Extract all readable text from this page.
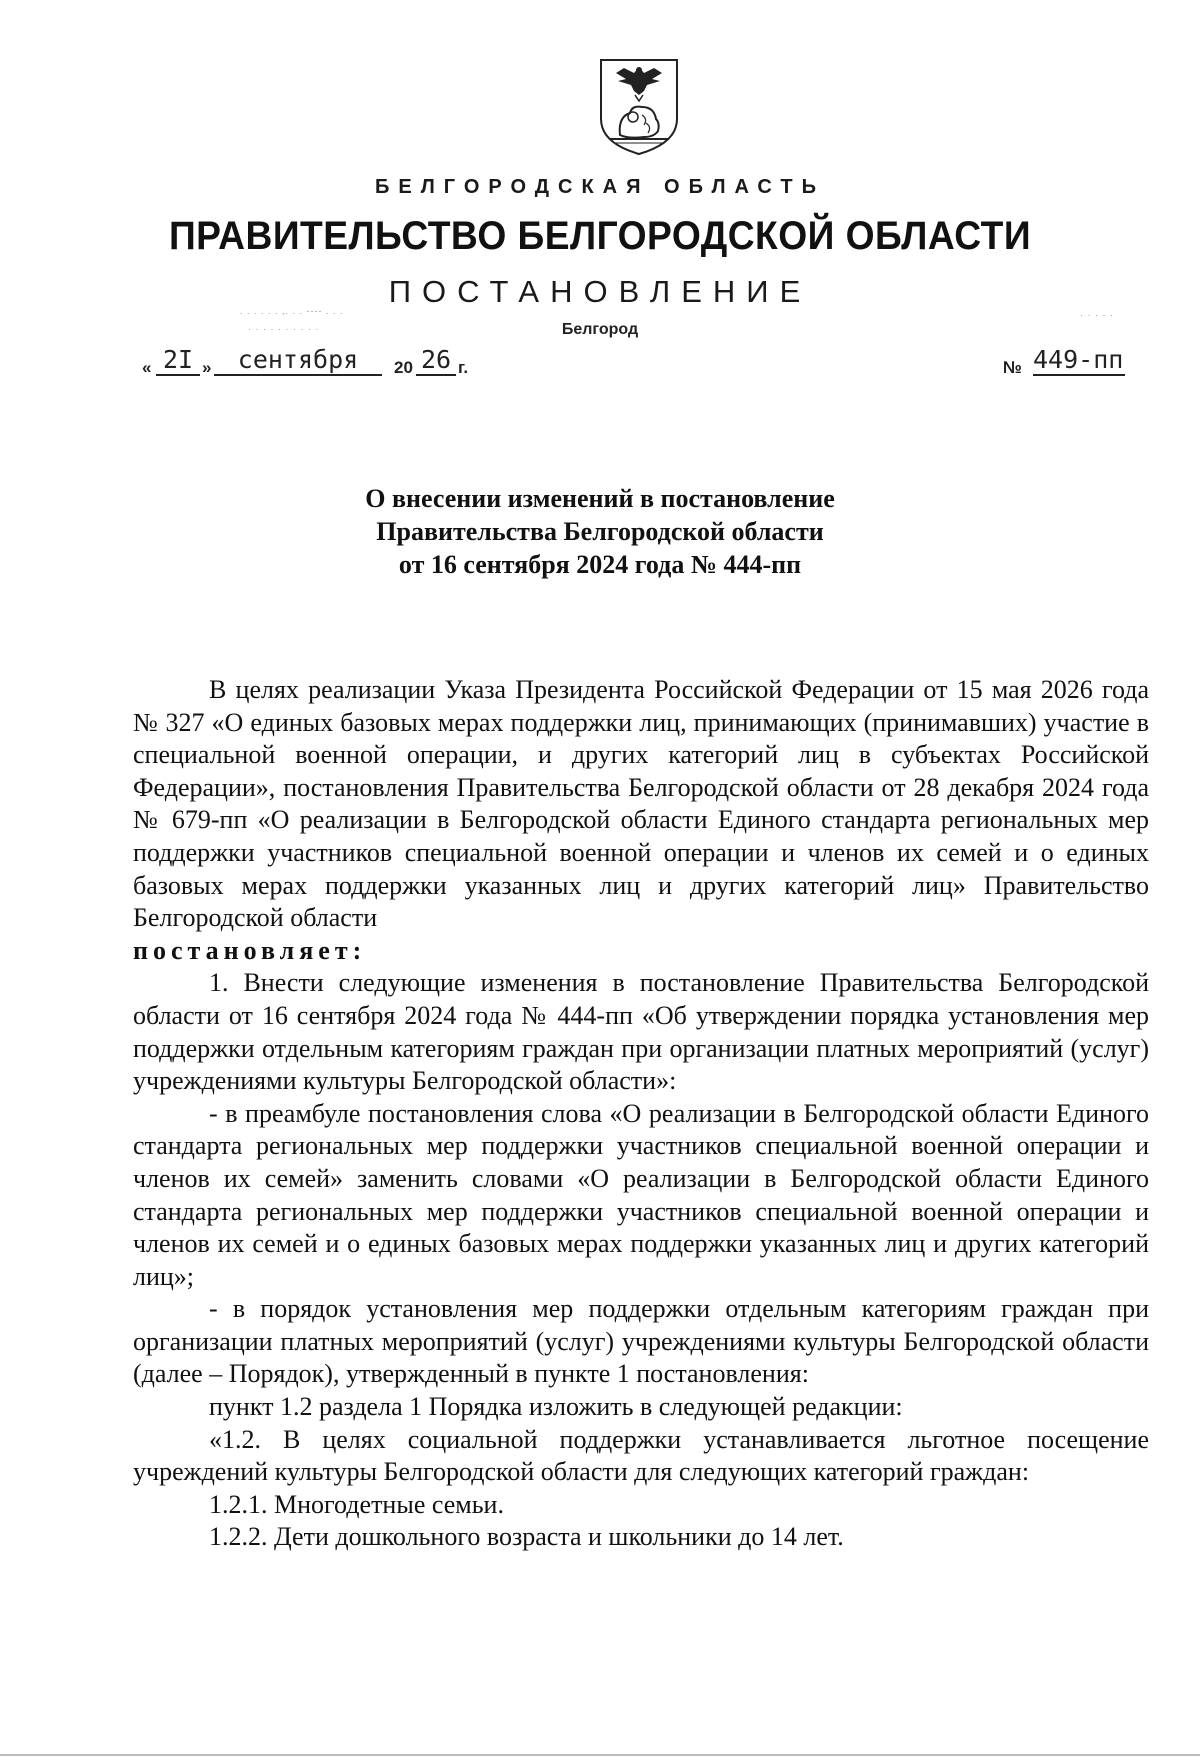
БЕЛГОРОДСКАЯ ОБЛАСТЬ
ПРАВИТЕЛЬСТВО БЕЛГОРОДСКОЙ ОБЛАСТИ
ПОСТАНОВЛЕНИЕ
Белгород
. . . . . . ,. . . ---- . . .
· · · · · · · · · ·
· · · · ·
« 2I »	сентября	20 26 г.	№ 449-пп
О внесении изменений в постановление
Правительства Белгородской области
от 16 сентября 2024 года № 444-пп

В целях реализации Указа Президента Российской Федерации от 15 мая 2026 года № 327 «О единых базовых мерах поддержки лиц, принимающих (принимавших) участие в специальной военной операции, и других категорий лиц в субъектах Российской Федерации», постановления Правительства Белгородской области от 28 декабря 2024 года № 679-пп «О реализации в Белгородской области Единого стандарта региональных мер поддержки участников специальной военной операции и членов их семей и о единых базовых мерах поддержки указанных лиц и других категорий лиц» Правительство Белгородской области

постановляет:

1. Внести следующие изменения в постановление Правительства Белгородской области от 16 сентября 2024 года № 444-пп «Об утверждении порядка установления мер поддержки отдельным категориям граждан при организации платных мероприятий (услуг) учреждениями культуры Белгородской области»:

- в преамбуле постановления слова «О реализации в Белгородской области Единого стандарта региональных мер поддержки участников специальной военной операции и членов их семей» заменить словами «О реализации в Белгородской области Единого стандарта региональных мер поддержки участников специальной военной операции и членов их семей и о единых базовых мерах поддержки указанных лиц и других категорий лиц»;

- в порядок установления мер поддержки отдельным категориям граждан при организации платных мероприятий (услуг) учреждениями культуры Белгородской области (далее – Порядок), утвержденный в пункте 1 постановления:

пункт 1.2 раздела 1 Порядка изложить в следующей редакции:

«1.2. В целях социальной поддержки устанавливается льготное посещение учреждений культуры Белгородской области для следующих категорий граждан:

1.2.1. Многодетные семьи.

1.2.2. Дети дошкольного возраста и школьники до 14 лет.
